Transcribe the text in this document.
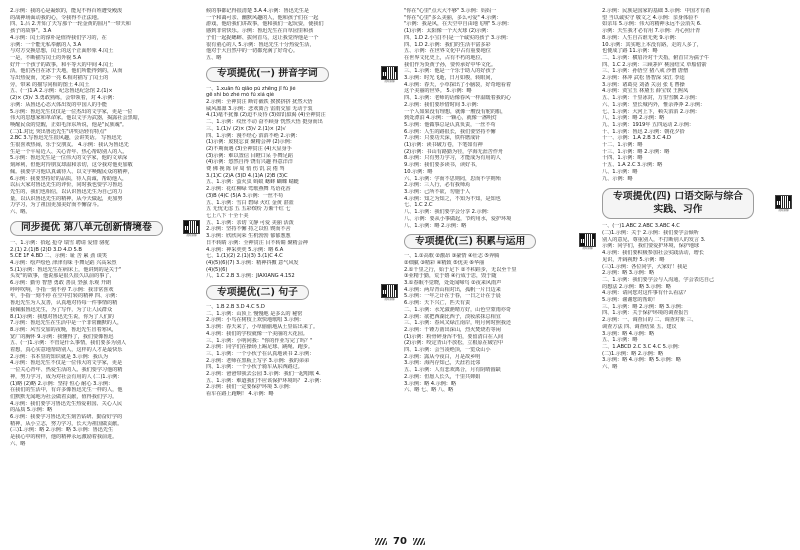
2.示例：我的心是凝软的，能见不得百姓遭受殿泼
的战神场面动我的心，令我得不正法地。
四、1.吕 2.开始了天写那个一轮金黄的圆月"一带天和
孩子的故事"。3.A
4.示例：闰土的淳朴是值得我们学习的，在
示例：一个能无私奉献的人 3.A
与对方交换思想，闰土的这个正面形象 4.闰土
一是，不断描写闰土的外貌 5.A
好开一个孩子的故事，和平等大的中间 4.闰土
活，他们各自在冰于天地，他们所能得到的，从而
写出热爱而，光彩一亮 6.相对描写了闰土的
旁，带来 的描写同相的图土 4.闰土
五、(一)1.A 2.示例：纪念鲁迅纪念馆 2.(1)×
(2)× (3)√ 3.勇敢熟练，会带领着，对 4.示例：
示例：从鲁迅心态大体出发的中国人的手能
5.示例：鲁迅先生仅仅是一位杰出的文学家，更是一位
伟大的思想家和革命家。他以文字为武器，揭露社会黑暗，
唤醒民众的觉醒，正如毛泽东所说，他是"民族魂"。
(二)1.对比 突出鲁迅先生"讲奖话轻有特点"
2.BC 3.写鲁迅先生很风趣，会讲笑话。 写鲁迅先
生很喜欢热闹，乐于交朋友。 4.示例：我认为鲁迅先
生是一个平易近人、关心青年、热心帮助别人的人。
5.示例：鲁迅先生是一位伟大的文学家，他的文章深
刻犀利，但他对待朋友却温和亲切，这令我对他更加敬
佩。我要学习他以真诚待人、以文字唤醒民众的精神，
6.示例：我要坚持好的品质，待人真诚，帮助他人，
以后大家对鲁迅先生的评价，同时我也要学习鲁迅
先生的，我们也相信，以认识鲁迅先生为自己的力
量，以认识鲁迅先生的精神，从今天做起，更加努
力学习，为了祖国更加美好而不懈奋斗。
六、略。
同步提优 第八单元创新情境卷
视频讲解
一、1.示例：拾起 抢夺 瑞雪 聘请 爱惜 骆驼
2.(1) 2.(1)B (2)D 3.D 4.D 5.B
5.CE 1F 4.BD 二、示例：耻 苦 累 劲 谈笑
4.示例：绘声绘色 津津有味 手舞足蹈 兴高采烈
5.(1)示例：鲁迅先生在病床上，他讲到的是关于"
头发"的故事，他说那是很久很久以前的事了，
6.示例：勤劳 智慧 勇敢 善良 坚强 乐观 开朗
呼呼吹响，手指一刻不停 7.示例：我非常喜欢
年，手指一刻不停 在空中打转的精神 四、示例：
鲁迅先生为人友善，认真地对待每一件事情的精
我佩服鲁迅先生，为了写作，为了让人民群众
8.(1)示例：我想对鲁迅先生说，你为了人们的
7.示例：鲁迅先生在生活中是一个非常幽默的人，
8.示例：风雪交加的夜晚，鲁迅先生冒着寒风，
宽广的胸怀 9.示例：我懂得了，我们要像鲁迅
五、(一)1.示例：不管是什么事情，我们要多为别人
着想，真心实意地帮助别人，这样的人才是最快乐
2.示例：书本里的知识就是 3.示例：我认为
4.示例：鲁迅先生不仅是一位伟大的文学家，更是
一位关心青年、热爱生活的人。我们要学习他的精
神，努力学习，成为对社会有用的人 (二)1.示例：
(1)略 (2)略 2.示例：坚持 恒心 耐心 3.示例：
在我们的生活中，有许多像鲁迅先生一样的人，他
们默默无闻地为社会做着贡献，值得我们学习。
4.示例：我们要学习鲁迅先生热爱祖国、关心人民
的品质 5.示例：略
6.示例：我要学习鲁迅先生刻苦钻研、勤奋好学的
精神，从小立志，努力学习，长大为祖国做贡献。
(三)1.示例：略 2.示例：略 3.示例：鲁迅先生
是我心中的榜样，他的精神永远激励着我前进。
六、略
候的事都记得很清楚 3.A 4.示例：鲁迅先生是
一个和蔼可亲、幽默风趣的人，他和孩子们在一起
游戏，他给我们讲故事，他和我们一起玩耍，使我们
感到非常快乐。示例：鲁迅先生在百草园里和孩
子们一起捉蟋蟀、拔何首乌，这让我觉得他是一个
很有童心的人 5.示例：鲁迅先生十分热爱生活，
他对于大自然中的一切都充满了好奇心。
五、略
专项提优(一) 拼音字词
视频讲解
一、1.xuān fú qiāo pú zhēng jī fù jié
gē shì bó zhé mó fú xiá qiè
2.示例：全神贯注 断钉截铁 挨挨挤挤 扰然大悟
威风凛凛 3.示例：悲欢离合 雷雨交加 无动于衷
4.(1)毫不犹豫 (2)迫不及待 (3)如饥似渴 (4)全神贯注
二、1.示例：纹丝不动 奋不顾身 恍然大悟 挺身而出
三、1.(1)√ (2)× (3)√ 2.(1)× (2)√
四、1.示例：漫不经心 滔滔不绝 2.示例：
(1)示例：废寝忘食 聚精会神 (2)示例：
(2)不期而遇 (3)全神贯注 (4)大显身手
(3)示例：难以置信 目瞪口呆 手舞足蹈
(4)示例：悠然自得 饶有兴趣 得意洋洋
费 佛 挽 陈 屏 周 悄 伤 饥 哀 倦 驾
3.(1)C (2)A (3)D 4.(1)A (2)B (3)C
五、1.示例：萤火虫 蚂蚁 蟋蟀 蝴蝶 蜻蜓
2.示例：花红柳绿 莺歌燕舞 鸟语花香
(3)B (4)C (5)A 3.示例：一丝不苟
五、1.示例：雪白 碧绿 火红 金黄 湛蓝
五 无忧无虑 五 五彩缤纷 万紫千红 七
七上八下 十全十美
五、1.示例：亲切 文静 可爱 美丽 活泼
2.示例：坚持不懈 持之以恒 锲而不舍
3.示例：欣欣向荣 生机勃勃 郁郁葱葱
日不转睛 示例：全神贯注 目不转睛 聚精会神
4.示例：神采奕奕 5.示例：略 6.A
七、1.(1)(2) 2.(1)(3) 3.(1)C 4.C
(4)(5)(6)(7) 3.示例：精神抖擞 意气风发
(4)(5)(6)
八、1.C 2.B 3.示例：JIAXIANG 4.152
专项提优(二) 句子
视频讲解
一、1.B 2.B 3.D 4.C 5.D
二、1.示例：山顶上 慢慢地 是多么的 秘密
2.示例：小鸟在树枝上欢快地歌唱 3.示例：
3.示例：春天来了，小草偷偷地从土里钻出来了。
4.示例：我们的学校就像一个美丽的大花园。
三、1.示例：小明问我："你的作业写完了吗？"
2.示例：同学们在操场上踢足球、跳绳、跑步。
三、1.示例：一个小伙子在认真地读书 2.示例：
2.示例：老师在黑板上写字 3.示例：我的弟弟
四、1.示例：一个小伙子骑车从东西路过。
2.示例：爸爸带我去公园 3.示例：我们一起唱歌 4.
五、1.示例：难道我们不应该保护环境吗？ 2.示例：
2.示例：我们一定要保护环境 3.示例：
看车在路上跑啊！ 4.示例：略
"你在"心里"点大大不够" 3.示例：妈妈一
"你在"心里"多么美丽，多么可爱" 4.示例：
"示例：我是风，在天空中自由地飞翔" 5.示例：
(1)示例：太阳像一个大火球 (2)示例：
四、1.D 2.小宝(不)是一个诚实的孩子 3.示例：
四、1.D 2.示例：我们的生活丰富多彩
五、示例：在世界文化中占有重要地位
在世界文化史上，占有不朽的地位，
我们作为炎黄子孙，要传承好中华文化。
三、1.示例：他是一个乐于助人的好孩子
3.示例：时光飞逝，日月如梭，转眼间，
4.示例：春天，小草探出了小脑袋，好奇地看着
这个美丽的世界。 5.示例：略
四、1.示例：老师的话像春风一样温暖着我的心
2.示例：我们要珍惜时间 3.示例：
一个人如果没有理想，就像一艘没有舵的船，
到处漂泊 4.示例：一颗心，就像一盏明灯
5.示例：他做事总是认真负责，一丝不苟
6.示例：人生的路很长，我们要坚持不懈
7.示例：只要功夫深，铁杵磨成针
(1)示例：读书破万卷，下笔如有神
(2)示例：书山有路勤为径，学海无涯苦作舟
8.示例：只有努力学习，才能成为有用的人
9.示例：我们要多读书，读好书，
10.示例：略
六、1.示例：学而不思则罔，思而不学则殆
2.示例：三人行，必有我师焉
3.示例：己所不欲，勿施于人
4.示例：知之为知之，不知为不知，是知也
七、1.C 2.C
八、1.示例：我们要学会分享 2.示例：
八、示例：要从小事做起，节约用水，爱护环境
八、1.示例：略 2.示例：略
专项提优(三) 积累与运用
视频讲解
一、1.①高歌 ②激昂 ③豪情 ④壮志 ⑤奔腾
②细腻 ③精彩 ④精致 ⑤优美 ⑥华丽
2.①千里之行，始于足下 ②不积跬步，无以至千里
③业精于勤，荒于嬉 ④行成于思，毁于随
3.①春眠不觉晓，处处闻啼鸟 ②夜来风雨声
4.示例：两岸青山相对出，孤帆一片日边来
5.示例：一年之计在于春，一日之计在于晨
6.示例：天下兴亡，匹夫有责
二、1.示例：水光潋滟晴方好，山色空蒙雨亦奇
2.示例：欲把西湖比西子，淡妆浓抹总相宜
三、1.示例：春风又绿江南岸，明月何时照我还
2.示例：千锤万凿出深山，烈火焚烧若等闲
(1)示例：粉骨碎身浑不怕，要留清白在人间
(2)示例：咬定青山不放松，立根原在破岩中
四、1.示例：会当凌绝顶，一览众山小
2.示例：露从今夜白，月是故乡明
3.示例：海内存知己，天涯若比邻
五、1.示例：人有悲欢离合，月有阴晴圆缺
2.示例：但愿人长久，千里共婵娟
3.示例：略 4.示例：略
六、略 七、略 八、略
2.示例：民族是国家的基础 3.示例：中国才有希
望 当以诚实守 敬文之 4.示例：亲身体验不
如亲耳 5.示例：伟大的精神永远不会消失 6.
示例：天生我才必有用 7.示例：丹心照汗青
8.示例：人生自古谁无死 9.示例：
10.示例：其实地上本没有路，走的人多了，
也便成了路 11.示例：略
二、1.示例：横眉冷对千夫指，俯首甘为孺子牛
四、1.C 2.示例：三顾茅庐 桃园结义 草船借箭
三、1.示例：孙悟空 猪八戒 沙僧 唐僧
2.示例：林冲 武松 鲁智深 宋江 李逵
3.示例：诸葛亮 刘备 关羽 张飞 曹操
4.示例：贾宝玉 林黛玉 薛宝钗 王熙凤
五、1.示例：千里冰封，万里雪飘 2.示例：
六、1.示例：望长城内外，惟余莽莽 2.示例：
七、1.示例：大河上下，顿失滔滔 2.示例：
八、1.示例：略 2.示例：略
九、1.示例：1919年 五四运动 2.示例：
十、1.示例：鲁迅 2.示例：朝花夕拾
十一、示例：1.A 2.B 3.C 4.D
十二、1.示例：略
十三、1.示例：略 2.示例：略
十四、1.示例：略
十五、1.A 2.C 3.示例：略
八、1.示例：略
九、示例：略
专项提优(四) 口语交际与综合
实践、习作	视频讲解
一、(一)1.ABC 2.ABC 3.ABC 4.C
(二)1.示例：关于 2.示例：我们要学会倾听
别人的意见，尊重别人，不打断别人的发言 3.
示例：同学们，我们要爱护环境，保护地球
4.示例：我们要积极参加社会实践活动，增长
见识，开阔视野 5.示例：略
(三)1.示例：各位同学，大家好！我是
2.示例：略 3.示例：略
二、1.示例：我们要学会与人沟通，学会表达自己
的想法 2.示例：略 3.示例：略
4.示例：请问您对这件事有什么看法？
5.示例：谢谢您的帮助！
三、1.示例：略 2.示例：略 3.示例：
四、1.示例：关于保护环境的调查报告
2.示例：一、调查目的 二、调查对象 三、
调查方法 四、调查结果 五、建议
3.示例：略 4.示例：略
五、1.示例：略
二、1.ABCD 2.C 3.C 4.C 5.示例：
(二)1.示例：略 2.示例：略
3.示例：略 4.示例：略 5.示例：略
六、略
70
